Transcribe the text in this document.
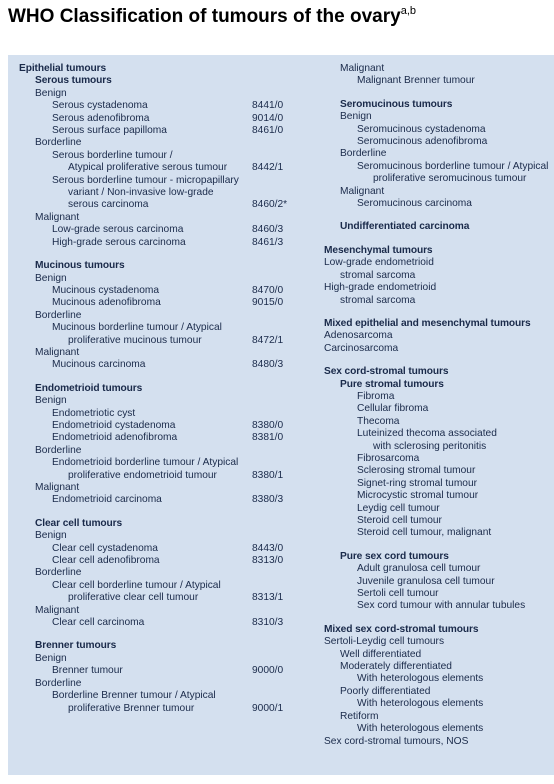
WHO Classification of tumours of the ovary$^{a,b}$
Epithelial tumours
Serous tumours
Benign
Serous cystadenoma	8441/0
Serous adenofibroma	9014/0
Serous surface papilloma	8461/0
Borderline
Serous borderline tumour /
Atypical proliferative serous tumour 8442/1
Serous borderline tumour - micropapillary
variant / Non-invasive low-grade
serous carcinoma	8460/2*
Malignant
Low-grade serous carcinoma	8460/3
High-grade serous carcinoma	8461/3
Mucinous tumours
Benign
Mucinous cystadenoma	8470/0
Mucinous adenofibroma	9015/0
Borderline
Mucinous borderline tumour / Atypical
proliferative mucinous tumour	8472/1
Malignant
Mucinous carcinoma	8480/3
Endometrioid tumours
Benign
Endometriotic cyst
Endometrioid cystadenoma	8380/0
Endometrioid adenofibroma	8381/0
Borderline
Endometrioid borderline tumour / Atypical
proliferative endometrioid tumour	8380/1
Malignant
Endometrioid carcinoma	8380/3
Clear cell tumours
Benign
Clear cell cystadenoma	8443/0
Clear cell adenofibroma	8313/0
Borderline
Clear cell borderline tumour / Atypical
proliferative clear cell tumour	8313/1
Malignant
Clear cell carcinoma	8310/3
Brenner tumours
Benign
Brenner tumour	9000/0
Borderline
Borderline Brenner tumour / Atypical
proliferative Brenner tumour	9000/1
Malignant
Malignant Brenner tumour
Seromucinous tumours
Benign
Seromucinous cystadenoma
Seromucinous adenofibroma
Borderline
Seromucinous borderline tumour / Atypical
proliferative seromucinous tumour
Malignant
Seromucinous carcinoma
Undifferentiated carcinoma
Mesenchymal tumours
Low-grade endometrioid
stromal sarcoma
High-grade endometrioid
stromal sarcoma
Mixed epithelial and mesenchymal tumours
Adenosarcoma
Carcinosarcoma
Sex cord-stromal tumours
Pure stromal tumours
Fibroma
Cellular fibroma
Thecoma
Luteinized thecoma associated
with sclerosing peritonitis
Fibrosarcoma
Sclerosing stromal tumour
Signet-ring stromal tumour
Microcystic stromal tumour
Leydig cell tumour
Steroid cell tumour
Steroid cell tumour, malignant
Pure sex cord tumours
Adult granulosa cell tumour
Juvenile granulosa cell tumour
Sertoli cell tumour
Sex cord tumour with annular tubules
Mixed sex cord-stromal tumours
Sertoli-Leydig cell tumours
Well differentiated
Moderately differentiated
With heterologous elements
Poorly differentiated
With heterologous elements
Retiform
With heterologous elements
Sex cord-stromal tumours, NOS
